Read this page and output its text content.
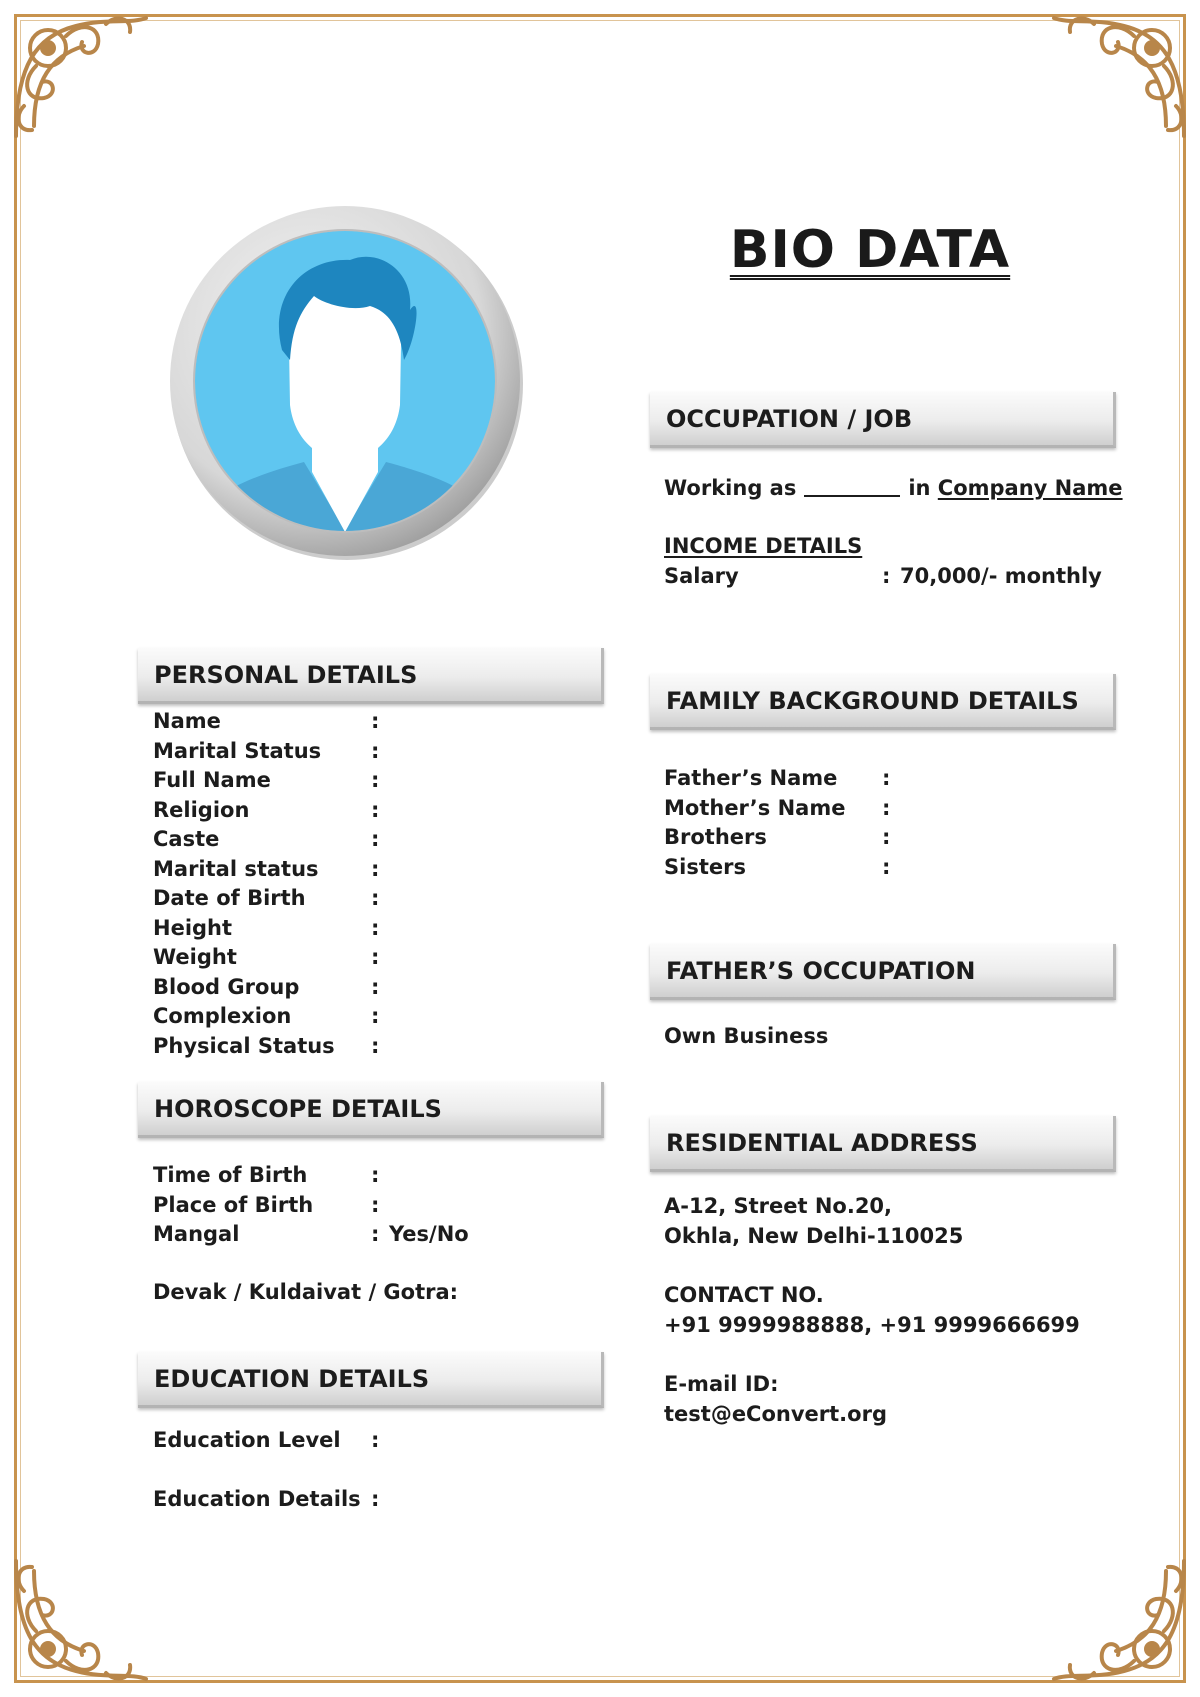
BIO DATA
OCCUPATION / JOB
Working as	in Company Name
INCOME DETAILS
Salary	: 70,000/- monthly
PERSONAL DETAILS
Name	:
Marital Status :
Full Name	:
Religion	:
Caste	:
Marital status :
Date of Birth	:
Height	:
Weight	:
Blood Group	:
Complexion	:
Physical Status :
FAMILY BACKGROUND DETAILS
Father’s Name :
Mother’s Name :
Brothers	:
Sisters	:
FATHER’S OCCUPATION
Own Business
HOROSCOPE DETAILS
Time of Birth	:
Place of Birth	:
Mangal	: Yes/No
Devak / Kuldaivat / Gotra:
RESIDENTIAL ADDRESS
A-12, Street No.20,
Okhla, New Delhi-110025
CONTACT NO.
+91 9999988888, +91 9999666699
E-mail ID:
test@eConvert.org
EDUCATION DETAILS
Education Level :
Education Details :
